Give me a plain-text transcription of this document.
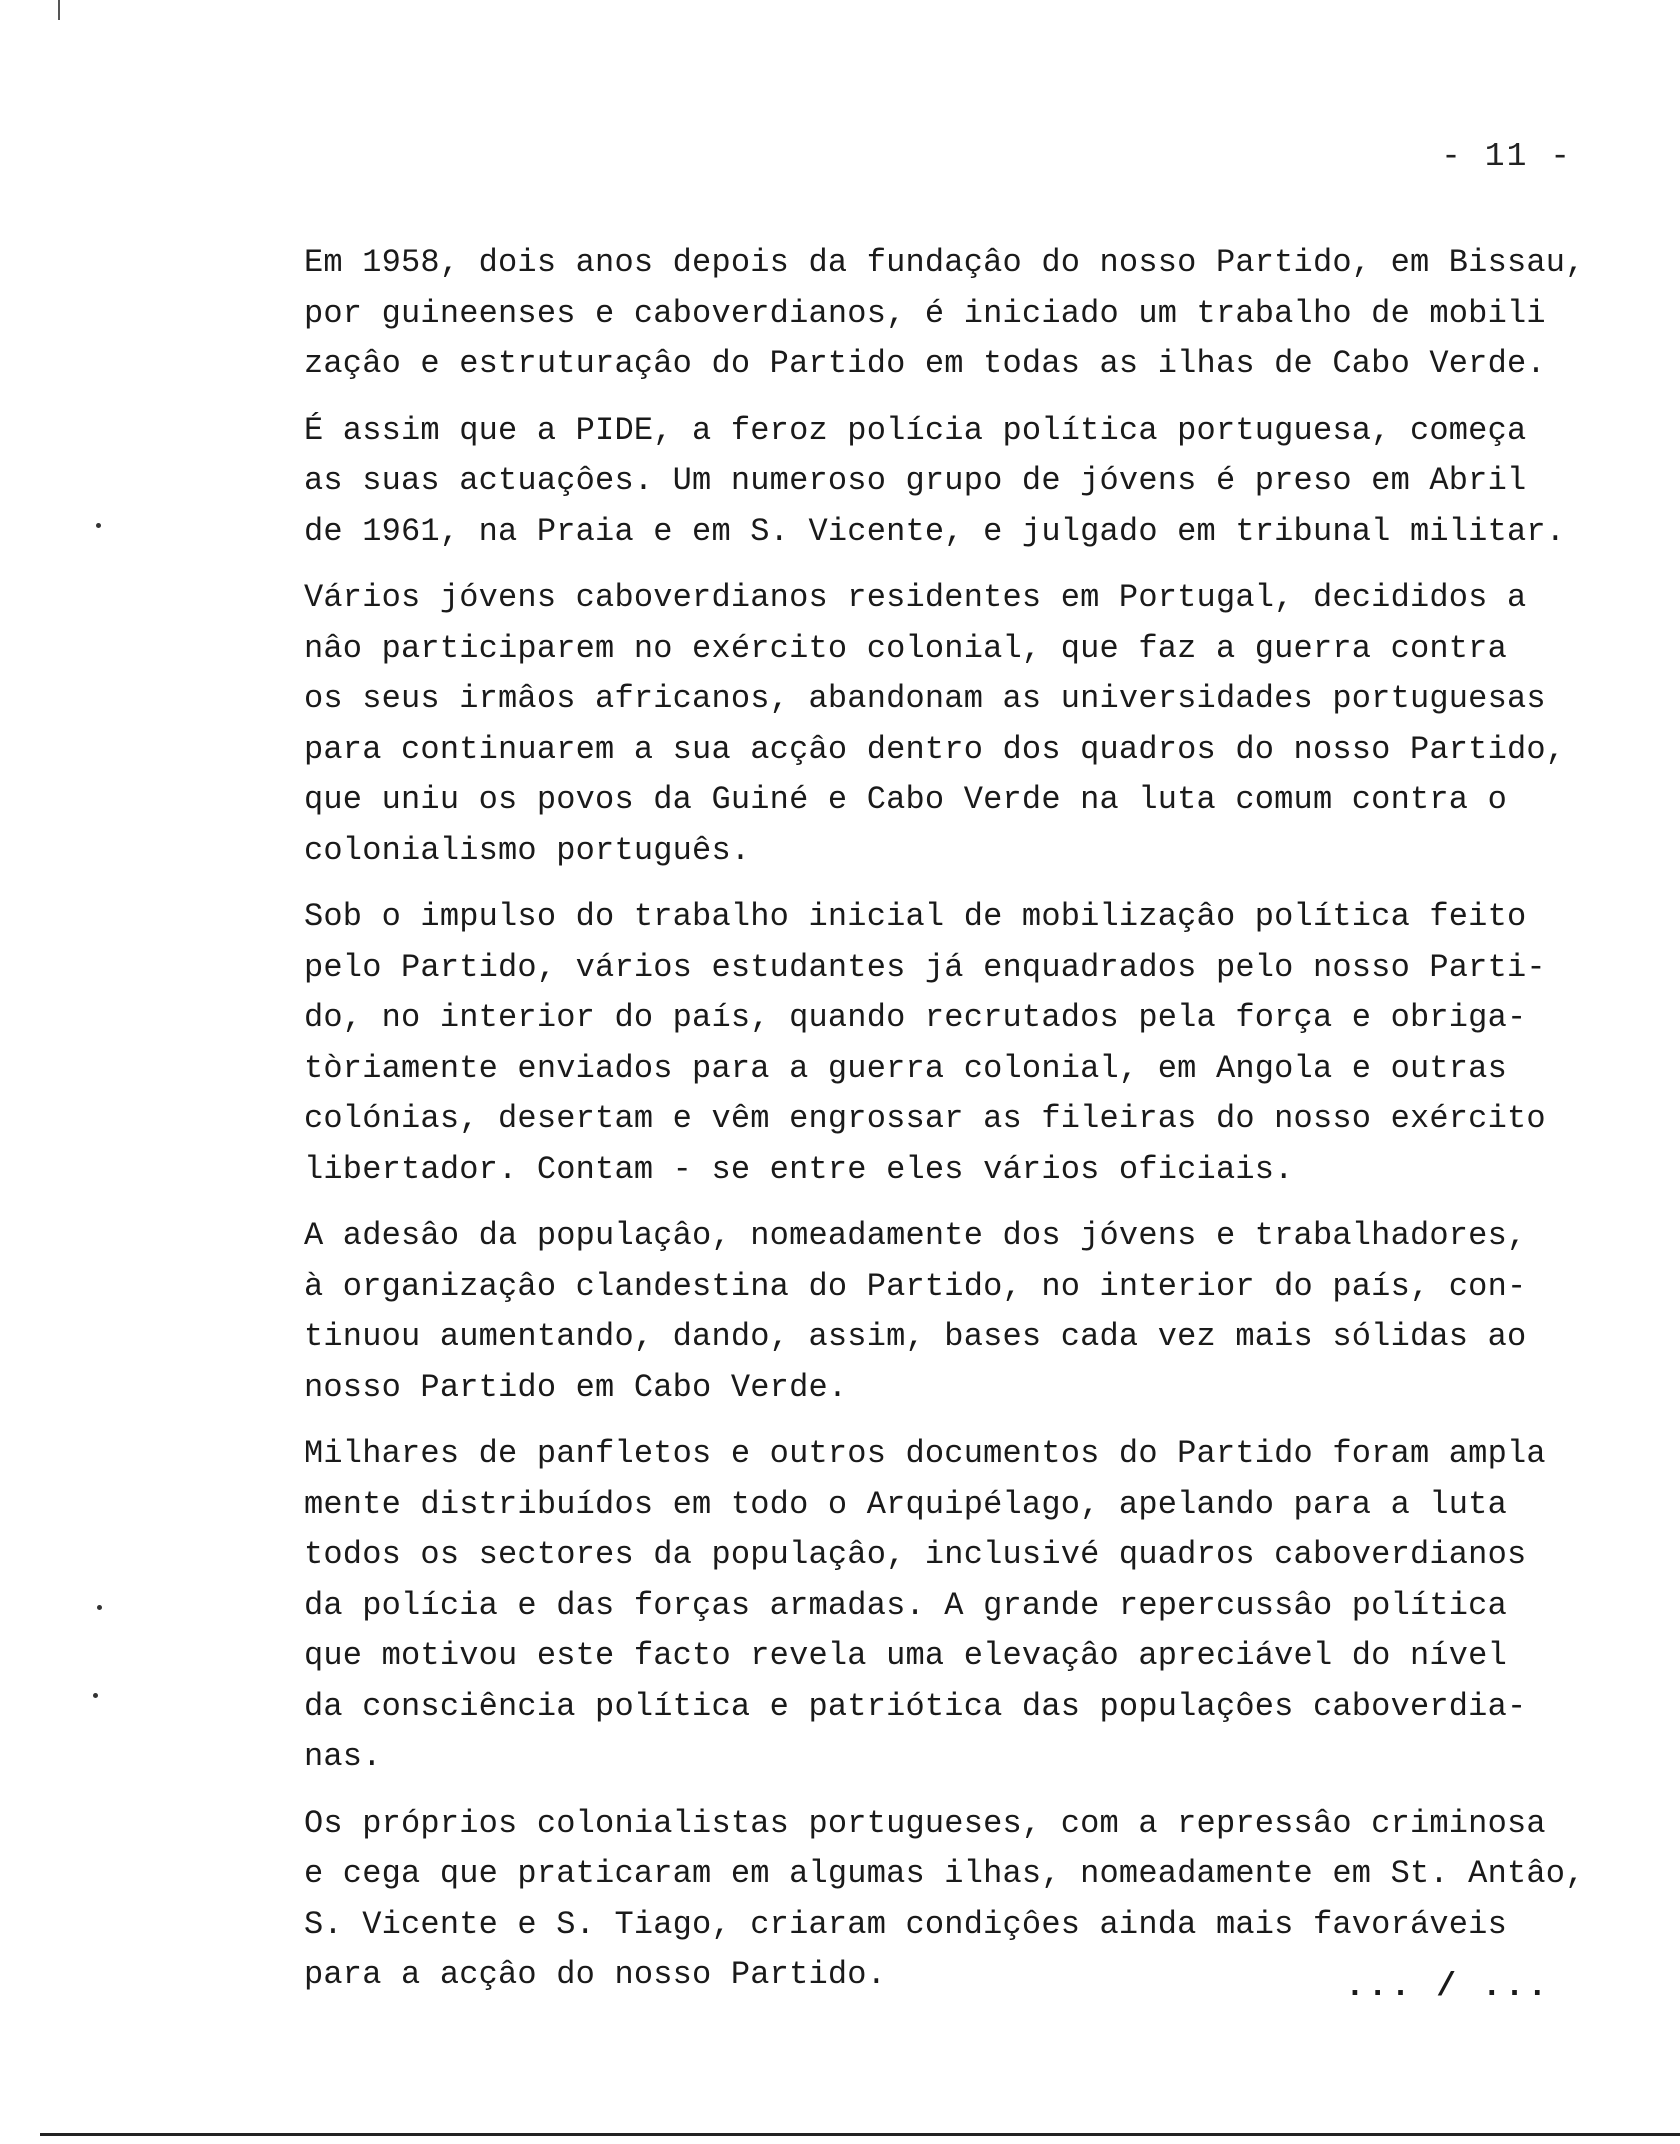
- 11 -

Em 1958, dois anos depois da fundaçâo do nosso Partido, em Bissau,
por guineenses e caboverdianos, é iniciado um trabalho de mobili
zaçâo e estruturaçâo do Partido em todas as ilhas de Cabo Verde.

É assim que a PIDE, a feroz polícia política portuguesa, começa
as suas actuaçôes. Um numeroso grupo de jóvens é preso em Abril
de 1961, na Praia e em S. Vicente, e julgado em tribunal militar.

Vários jóvens caboverdianos residentes em Portugal, decididos a
nâo participarem no exército colonial, que faz a guerra contra
os seus irmâos africanos, abandonam as universidades portuguesas
para continuarem a sua acçâo dentro dos quadros do nosso Partido,
que uniu os povos da Guiné e Cabo Verde na luta comum contra o
colonialismo português.

Sob o impulso do trabalho inicial de mobilizaçâo política feito
pelo Partido, vários estudantes já enquadrados pelo nosso Parti-
do, no interior do país, quando recrutados pela força e obriga-
tòriamente enviados para a guerra colonial, em Angola e outras
colónias, desertam e vêm engrossar as fileiras do nosso exército
libertador. Contam - se entre eles vários oficiais.

A adesâo da populaçâo, nomeadamente dos jóvens e trabalhadores,
à organizaçâo clandestina do Partido, no interior do país, con-
tinuou aumentando, dando, assim, bases cada vez mais sólidas ao
nosso Partido em Cabo Verde.

Milhares de panfletos e outros documentos do Partido foram ampla
mente distribuídos em todo o Arquipélago, apelando para a luta
todos os sectores da populaçâo, inclusivé quadros caboverdianos
da polícia e das forças armadas. A grande repercussâo política
que motivou este facto revela uma elevaçâo apreciável do nível
da consciência política e patriótica das populaçôes caboverdia-
nas.

Os próprios colonialistas portugueses, com a repressâo criminosa
e cega que praticaram em algumas ilhas, nomeadamente em St. Antâo,
S. Vicente e S. Tiago, criaram condiçôes ainda mais favoráveis
para a acçâo do nosso Partido.	... / ...
